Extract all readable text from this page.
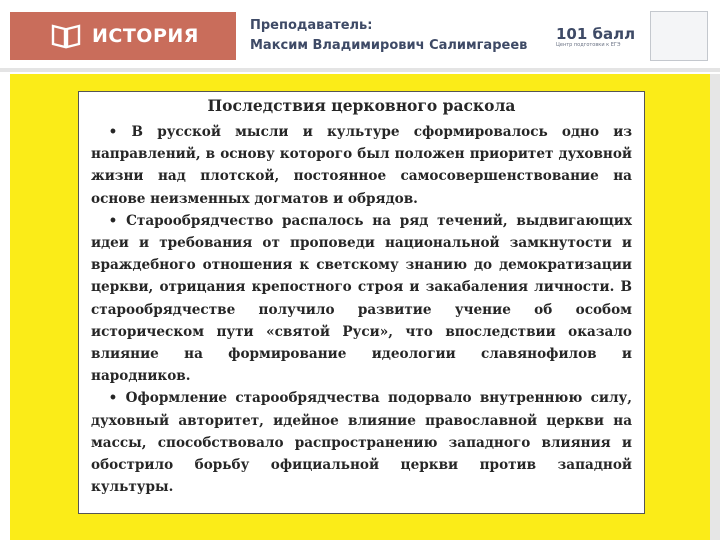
ИСТОРИЯ	Преподаватель:
Максим Владимирович Салимгареев
101 балл
Центр подготовки к ЕГЭ
Последствия церковного раскола

• В русской мысли и культуре сформировалось одно из направлений, в основу которого был положен приоритет духовной жизни над плотской, постоянное самосовершенствование на основе неизменных догматов и обрядов.

• Старообрядчество распалось на ряд течений, выдвигающих идеи и требования от проповеди национальной замкнутости и враждебного отношения к светскому знанию до демократизации церкви, отрицания крепостного строя и закабаления личности. В старообрядчестве получило развитие учение об особом историческом пути «святой Руси», что впоследствии оказало влияние на формирование идеологии славянофилов и народников.

• Оформление старообрядчества подорвало внутреннюю силу, духовный авторитет, идейное влияние православной церкви на массы, способствовало распространению западного влияния и обострило борьбу официальной церкви против западной культуры.
